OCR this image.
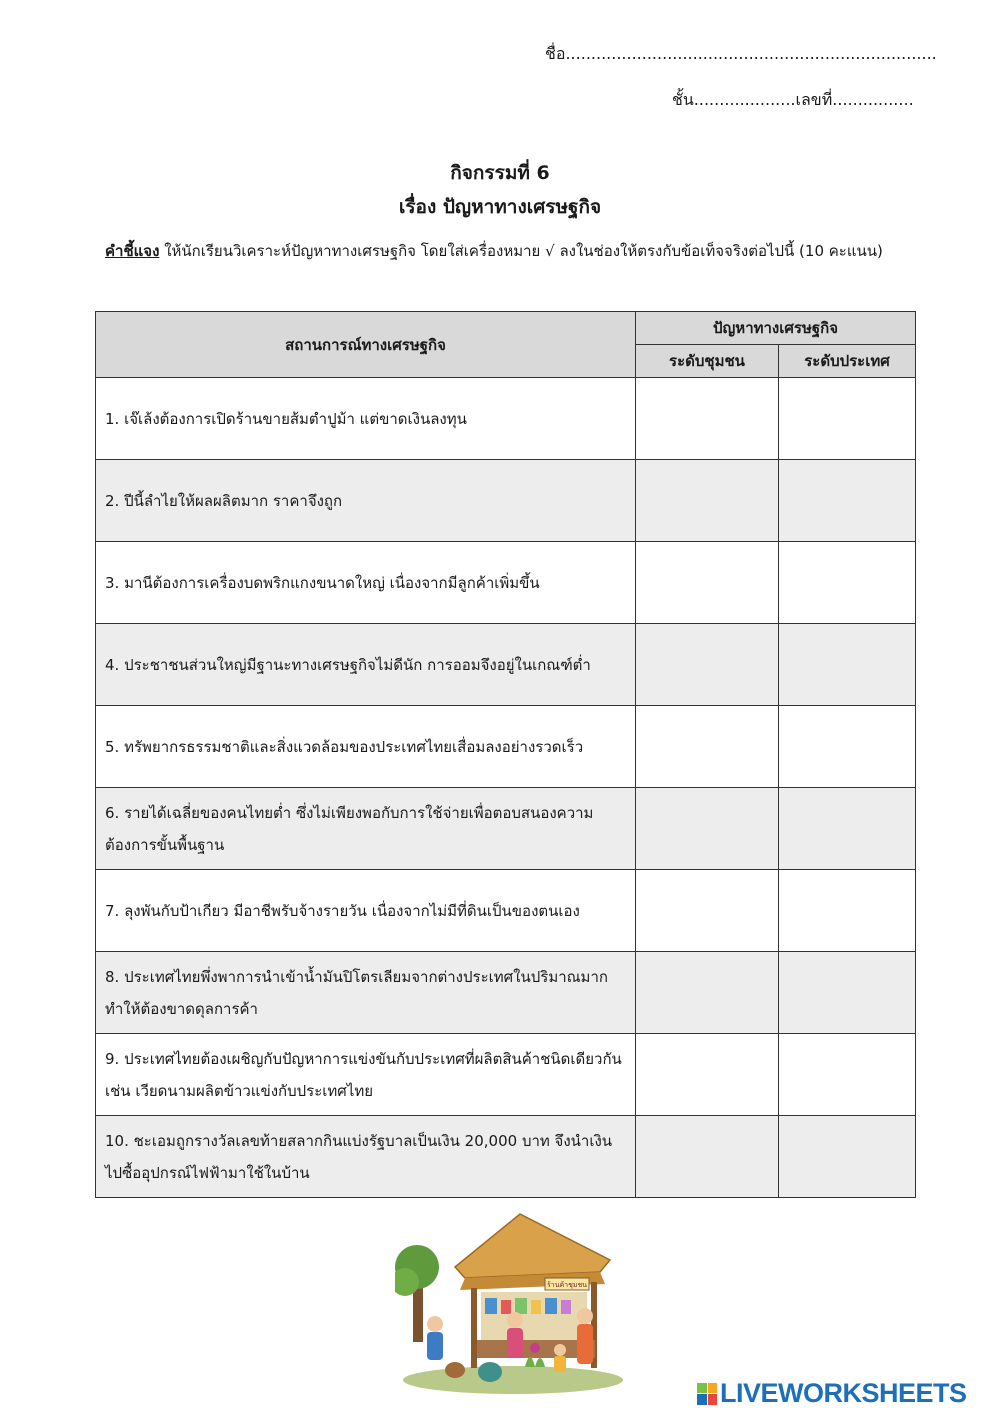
ชื่อ.........................................................................
ชั้น....................เลขที่................
กิจกรรมที่ 6
เรื่อง ปัญหาทางเศรษฐกิจ
คำชี้แจง ให้นักเรียนวิเคราะห์ปัญหาทางเศรษฐกิจ โดยใส่เครื่องหมาย √ ลงในช่องให้ตรงกับข้อเท็จจริงต่อไปนี้ (10 คะแนน)
สถานการณ์ทางเศรษฐกิจ	ปัญหาทางเศรษฐกิจ	
	ระดับชุมชน	ระดับประเทศ
1. เจ๊เล้งต้องการเปิดร้านขายส้มตำปูม้า แต่ขาดเงินลงทุน		
2. ปีนี้ลำไยให้ผลผลิตมาก ราคาจึงถูก		
3. มานีต้องการเครื่องบดพริกแกงขนาดใหญ่ เนื่องจากมีลูกค้าเพิ่มขึ้น		
4. ประชาชนส่วนใหญ่มีฐานะทางเศรษฐกิจไม่ดีนัก การออมจึงอยู่ในเกณฑ์ต่ำ		
5. ทรัพยากรธรรมชาติและสิ่งแวดล้อมของประเทศไทยเสื่อมลงอย่างรวดเร็ว		
6. รายได้เฉลี่ยของคนไทยต่ำ ซึ่งไม่เพียงพอกับการใช้จ่ายเพื่อตอบสนองความต้องการขั้นพื้นฐาน		
7. ลุงพันกับป้าเกียว มีอาชีพรับจ้างรายวัน เนื่องจากไม่มีที่ดินเป็นของตนเอง		
8. ประเทศไทยพึ่งพาการนำเข้าน้ำมันปิโตรเลียมจากต่างประเทศในปริมาณมาก ทำให้ต้องขาดดุลการค้า		
9. ประเทศไทยต้องเผชิญกับปัญหาการแข่งขันกับประเทศที่ผลิตสินค้าชนิดเดียวกัน เช่น เวียดนามผลิตข้าวแข่งกับประเทศไทย		
10. ชะเอมถูกรางวัลเลขท้ายสลากกินแบ่งรัฐบาลเป็นเงิน 20,000 บาท จึงนำเงินไปซื้ออุปกรณ์ไฟฟ้ามาใช้ในบ้าน		
ร้านค้าชุมชน
LIVEWORKSHEETS
